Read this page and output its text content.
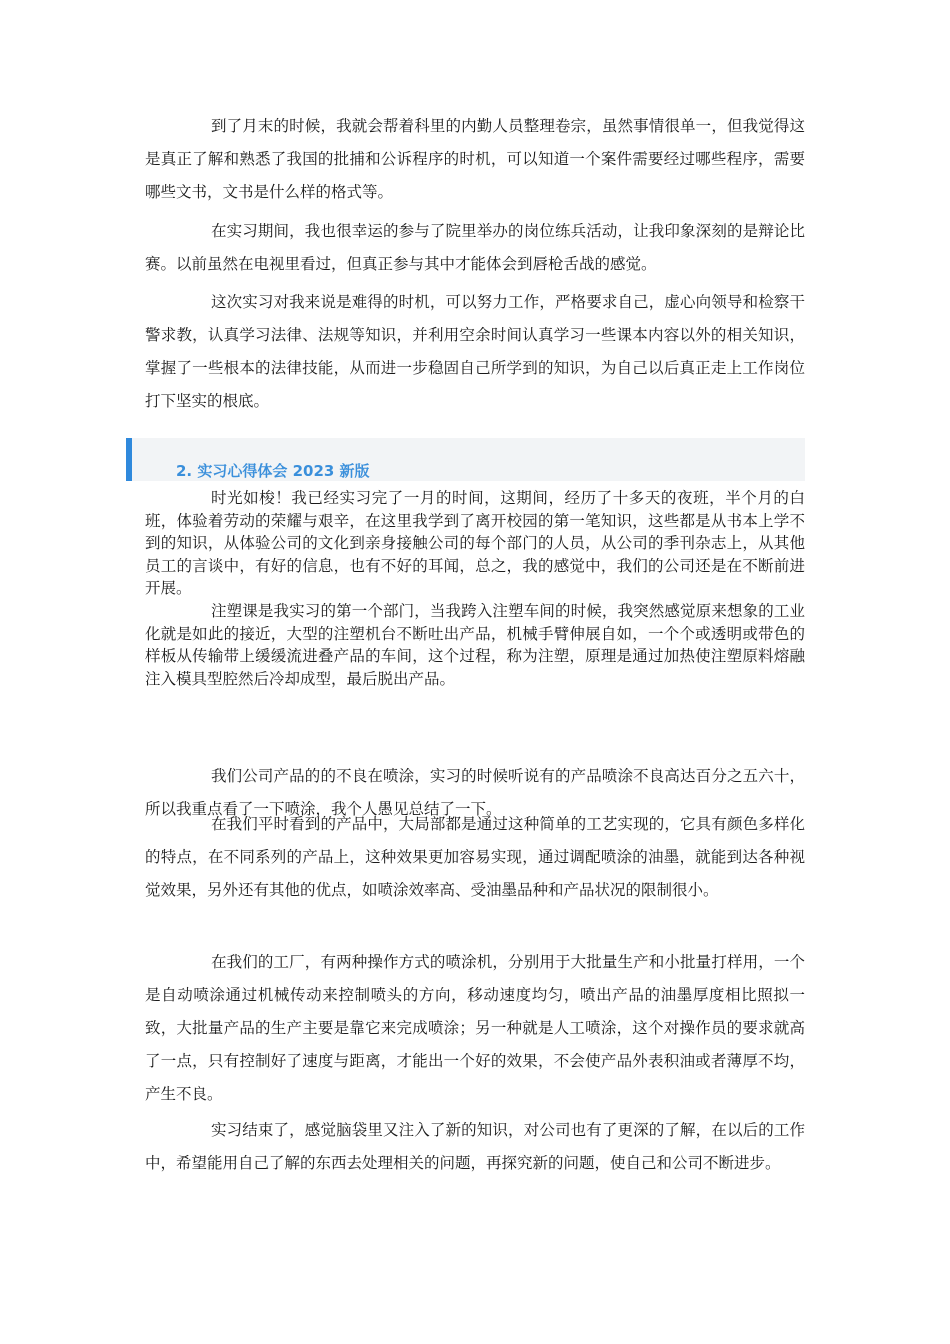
到了月末的时候，我就会帮着科里的内勤人员整理卷宗，虽然事情很单一，但我觉得这是真正了解和熟悉了我国的批捕和公诉程序的时机，可以知道一个案件需要经过哪些程序，需要哪些文书，文书是什么样的格式等。

在实习期间，我也很幸运的参与了院里举办的岗位练兵活动，让我印象深刻的是辩论比赛。以前虽然在电视里看过，但真正参与其中才能体会到唇枪舌战的感觉。

这次实习对我来说是难得的时机，可以努力工作，严格要求自己，虚心向领导和检察干警求教，认真学习法律、法规等知识，并利用空余时间认真学习一些课本内容以外的相关知识，掌握了一些根本的法律技能，从而进一步稳固自己所学到的知识，为自己以后真正走上工作岗位打下坚实的根底。

2. 实习心得体会 2023 新版

时光如梭！我已经实习完了一月的时间，这期间，经历了十多天的夜班，半个月的白班，体验着劳动的荣耀与艰辛，在这里我学到了离开校园的第一笔知识，这些都是从书本上学不到的知识，从体验公司的文化到亲身接触公司的每个部门的人员，从公司的季刊杂志上，从其他员工的言谈中，有好的信息，也有不好的耳闻，总之，我的感觉中，我们的公司还是在不断前进开展。

注塑课是我实习的第一个部门，当我跨入注塑车间的时候，我突然感觉原来想象的工业化就是如此的接近，大型的注塑机台不断吐出产品，机械手臂伸展自如，一个个或透明或带色的样板从传输带上缓缓流进叠产品的车间，这个过程，称为注塑，原理是通过加热使注塑原料熔融注入模具型腔然后冷却成型，最后脱出产品。

我们公司产品的的不良在喷涂，实习的时候听说有的产品喷涂不良高达百分之五六十，所以我重点看了一下喷涂，我个人愚见总结了一下。

在我们平时看到的产品中，大局部都是通过这种简单的工艺实现的，它具有颜色多样化的特点，在不同系列的产品上，这种效果更加容易实现，通过调配喷涂的油墨，就能到达各种视觉效果，另外还有其他的优点，如喷涂效率高、受油墨品种和产品状况的限制很小。

在我们的工厂，有两种操作方式的喷涂机，分别用于大批量生产和小批量打样用，一个是自动喷涂通过机械传动来控制喷头的方向，移动速度均匀，喷出产品的油墨厚度相比照拟一致，大批量产品的生产主要是靠它来完成喷涂；另一种就是人工喷涂，这个对操作员的要求就高了一点，只有控制好了速度与距离，才能出一个好的效果，不会使产品外表积油或者薄厚不均，产生不良。

实习结束了，感觉脑袋里又注入了新的知识，对公司也有了更深的了解，在以后的工作中，希望能用自己了解的东西去处理相关的问题，再探究新的问题，使自己和公司不断进步。
